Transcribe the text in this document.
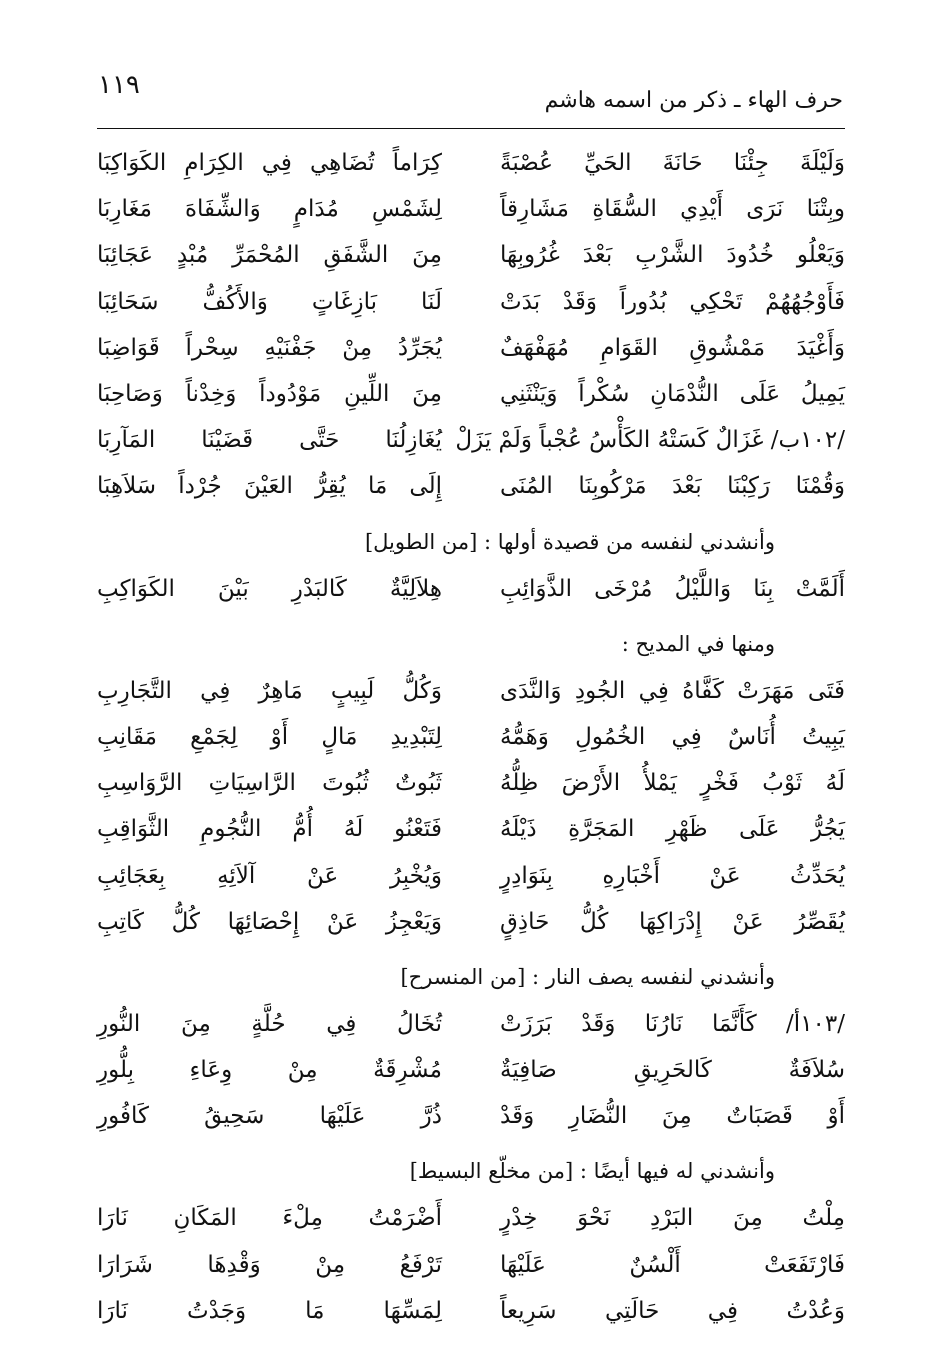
١١٩
حرف الهاء ـ ذكر من اسمه هاشم
وَلَيْلَةَ جِئْنَا حَانَةَ الحَيِّ عُصْبَةً
كِرَاماً تُضَاهِي فِي الكِرَامِ الكَوَاكِبَا
وبِتْنَا نَرَى أَيْدِي السُّقَاةِ مَشَارِقاً
لِشَمْسِ مُدَامٍ وَالشِّفَاهَ مَغَارِبَا
وَيَعْلُو خُدُودَ الشَّرْبِ بَعْدَ غُرُوبِهَا
مِنَ الشَّفَقِ المُحْمَرِّ مُبْدٍ عَجَائِبَا
فَأَوْجُهُهُمْ تَحْكِي بُدُوراً وَقَدْ بَدَتْ
لَنَا بَازِغَاتٍ وَالأَكُفُّ سَحَائِبَا
وَأَغْيَدَ مَمْشُوقِ القَوَامِ مُهَفْهَفٌ
يُجَرِّدُ مِنْ جَفْنَيْهِ سِحْراً قَوَاضِبَا
يَمِيلُ عَلَى النُّدْمَانِ سُكْراً وَيَنْثَنِي
مِنَ اللِّينِ مَوْدُوداً وَخِدْناً وَصَاحِبَا
/١٠٢ب/ غَزَالٌ كَسَتْهُ الكَأْسُ عُجْباً وَلَمْ يَزَلْ
يُغَازِلُنَا حَتَّى قَضَيْنَا المَآرِبَا
وَقُمْنَا رَكِبْنَا بَعْدَ مَرْكُوبِنَا المُنَى
إِلَى مَا يُقِرُّ العَيْنَ جُرْداً سَلاَهِبَا
وأنشدني لنفسه من قصيدة أولها : [من الطويل]
أَلَمَّتْ بِنَا وَاللَّيْلُ مُرْخَى الذَّوَائِبِ
هِلاَلِيَّةٌ كَالبَدْرِ بَيْنَ الكَوَاكِبِ
ومنها في المديح :
فَتَى مَهَرَتْ كَفَّاهُ فِي الجُودِ وَالنَّدَى
وَكُلُّ لَبِيبٍ مَاهِرٌ فِي التَّجَارِبِ
يَبِيتُ أُنَاسٌ فِي الخُمُولِ وَهَمُّهُ
لِتَبْدِيدِ مَالٍ أَوْ لِجَمْعِ مَقَانِبِ
لَهُ ثَوْبُ فَخْرٍ يَمْلأُ الأَرْضَ ظِلُّهُ
ثَبُوتٌ ثُبُوتَ الرَّاسِيَاتِ الرَّوَاسِبِ
يَجُرُّ عَلَى ظَهْرِ المَجَرَّةِ ذَيْلَهُ
فَتَعْنُو لَهُ أُمُّ النُّجُومِ الثَّوَاقِبِ
يُحَدِّثُ عَنْ أَخْبَارِهِ بِنَوَادِرٍ
وَيُخْبِرُ عَنْ آلاَئِهِ بِعَجَائِبِ
يُقَصِّرُ عَنْ إِدْرَاكِهَا كُلُّ حَاذِقٍ
وَيَعْجِزُ عَنْ إِحْصَائِهَا كُلُّ كَاتِبِ
وأنشدني لنفسه يصف النار : [من المنسرح]
/١٠٣أ/ كَأَنَّمَا نَارُنَا وَقَدْ بَرَزَتْ
تُخَالُ فِي حُلَّةٍ مِنَ النُّورِ
سُلاَفَةٌ كَالحَرِيقِ صَافِيَةٌ
مُشْرِقَةٌ مِنْ وِعَاءِ بِلُّورِ
أَوْ قَصَبَاتٌ مِنَ النُّضَارِ وَقَدْ
ذُرَّ عَلَيْهَا سَحِيقُ كَافُورِ
وأنشدني له فيها أيضًا : [من مخلّع البسيط]
مِلْتُ مِنَ البَرْدِ نَحْوَ خِدْرٍ
أَضْرَمْتُ مِلْءَ المَكَانِ نَارَا
فَارْتَفَعَتْ أَلْسُنٌ عَلَيْهَا
تَرْفَعُ مِنْ وَقْدِهَا شَرَارَا
وَعُدْتُ فِي حَالَتِي سَرِيعاً
لِمَسِّهَا مَا وَجَدْتُ نَارَا
